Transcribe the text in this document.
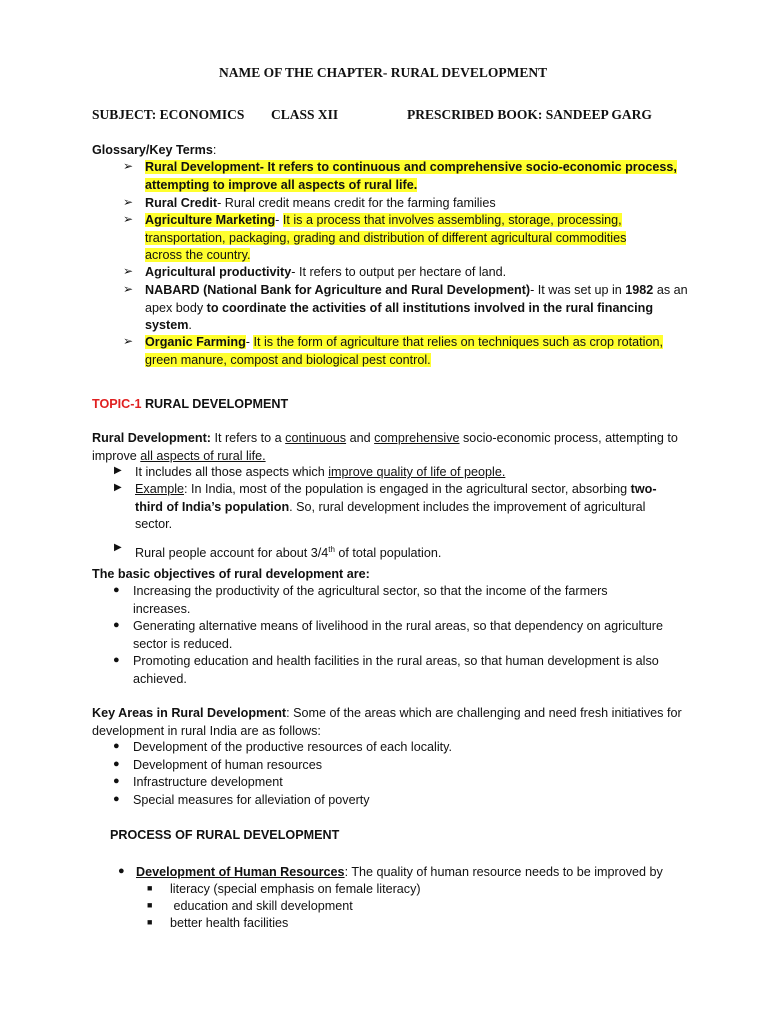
NAME OF THE CHAPTER- RURAL DEVELOPMENT
SUBJECT: ECONOMICS CLASS XII	PRESCRIBED BOOK: SANDEEP GARG
Glossary/Key Terms:
➢ Rural Development- It refers to continuous and comprehensive socio-economic process,
attempting to improve all aspects of rural life.
➢ Rural Credit- Rural credit means credit for the farming families
➢ Agriculture Marketing- It is a process that involves assembling, storage, processing,
transportation, packaging, grading and distribution of different agricultural commodities
across the country.
➢ Agricultural productivity- It refers to output per hectare of land.
➢ NABARD (National Bank for Agriculture and Rural Development)- It was set up in 1982 as an
apex body to coordinate the activities of all institutions involved in the rural financing
system.
➢ Organic Farming- It is the form of agriculture that relies on techniques such as crop rotation,
green manure, compost and biological pest control.
TOPIC-1 RURAL DEVELOPMENT
Rural Development: It refers to a continuous and comprehensive socio-economic process, attempting to
improve all aspects of rural life.
▶ It includes all those aspects which improve quality of life of people.
▶ Example: In India, most of the population is engaged in the agricultural sector, absorbing two-
third of India’s population. So, rural development includes the improvement of agricultural
sector.
▶ Rural people account for about 3/4th of total population.
The basic objectives of rural development are:
● Increasing the productivity of the agricultural sector, so that the income of the farmers
increases.
● Generating alternative means of livelihood in the rural areas, so that dependency on agriculture
sector is reduced.
● Promoting education and health facilities in the rural areas, so that human development is also
achieved.
Key Areas in Rural Development: Some of the areas which are challenging and need fresh initiatives for
development in rural India are as follows:
● Development of the productive resources of each locality.
● Development of human resources
● Infrastructure development
● Special measures for alleviation of poverty
PROCESS OF RURAL DEVELOPMENT
● Development of Human Resources: The quality of human resource needs to be improved by
■ literacy (special emphasis on female literacy)
■ education and skill development
■ better health facilities
